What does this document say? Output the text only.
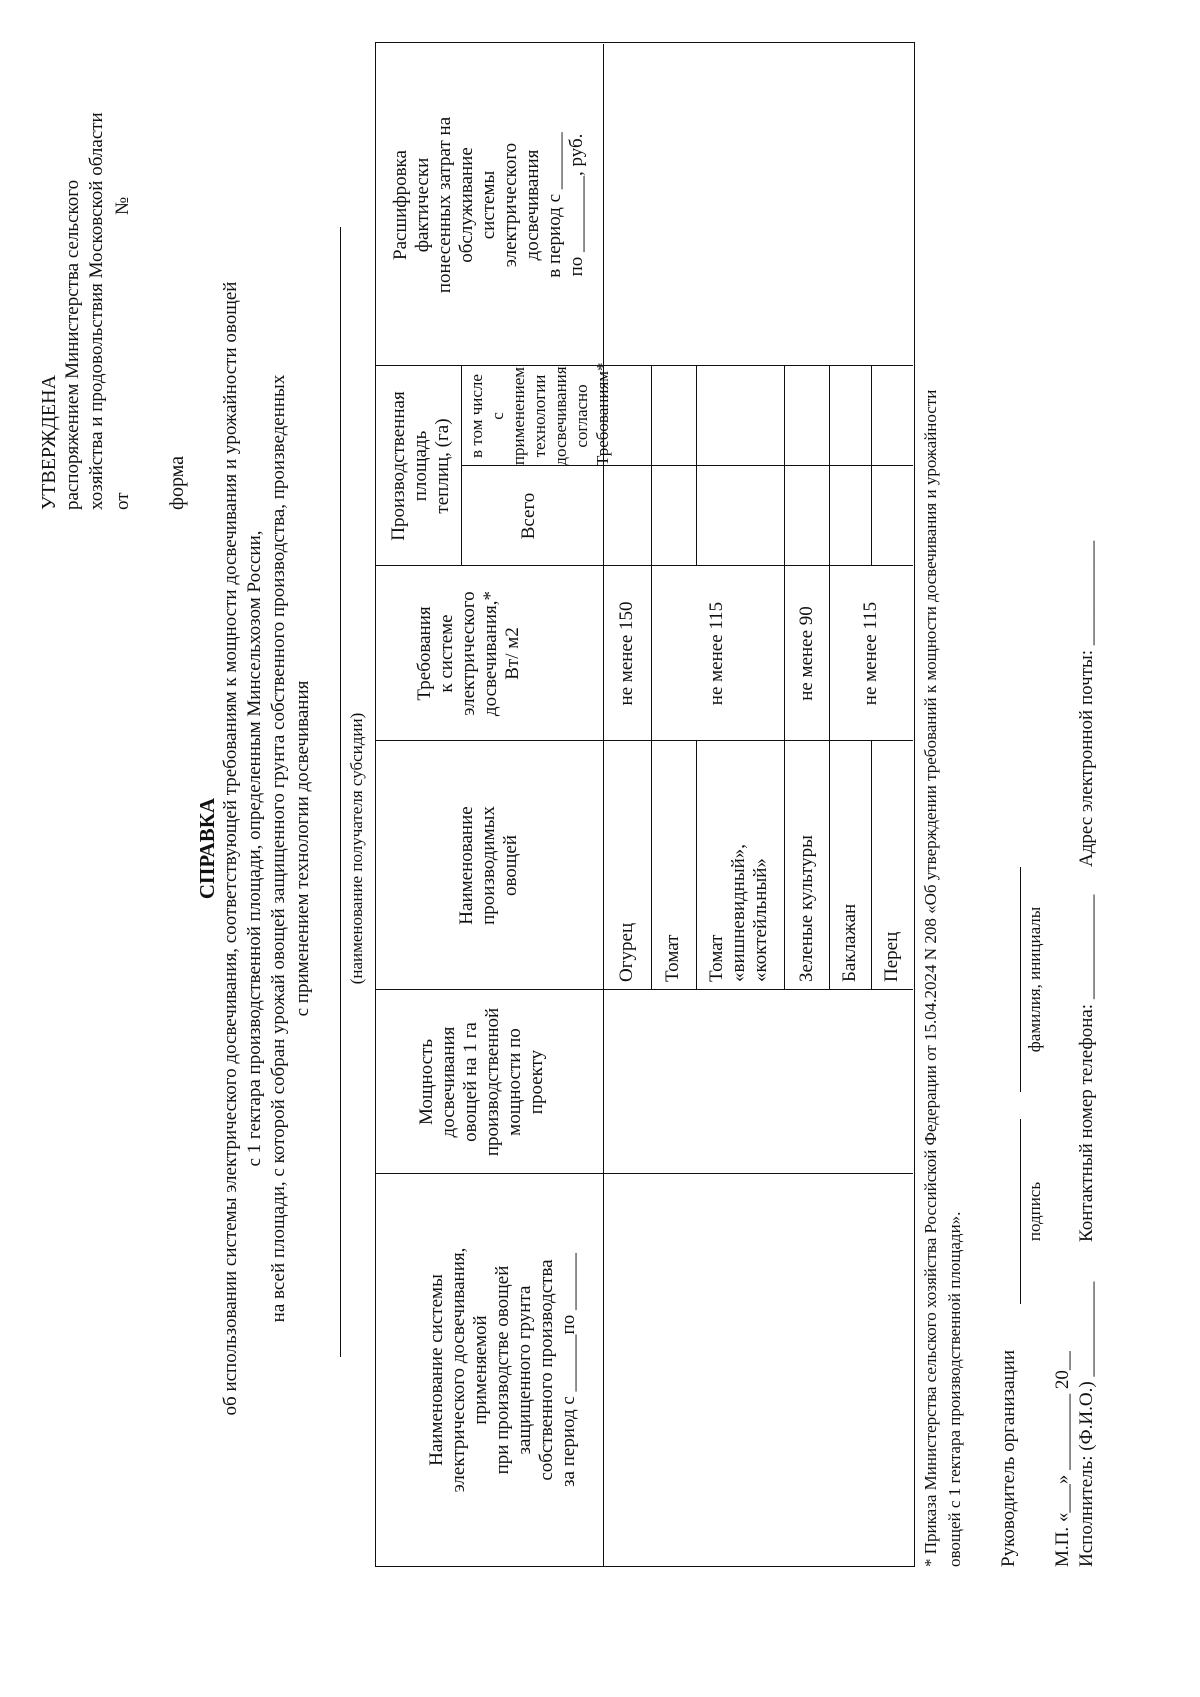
УТВЕРЖДЕНА распоряжением Министерства сельского хозяйства и продовольствия Московской области от
№
форма
СПРАВКА об использовании системы электрического досвечивания, соответствующей требованиям к мощности досвечивания и урожайности овощей с 1 гектара производственной площади, определенным Минсельхозом России, на всей площади, с которой собран урожай овощей защищенного грунта собственного производства, произведенных с применением технологии досвечивания (наименование получателя субсидии)
Наименование системы электрического досвечивания, применяемой при производстве овощей защищенного грунта собственного производства за период с ______по ______
Мощность досвечивания овощей на 1 га производственной мощности по проекту
Наименование производимых овощей
Требования к системе электрического досвечивания,* Вт/ м2
Производственная площадь теплиц, (га)
Всего
в том числе с применением технологии досвечивания согласно Требованиям*
Расшифровка фактически понесенных затрат на обслуживание системы электрического досвечивания в период с ______ по ________, руб.
Огурец Томат Томат «вишневидный», «коктейльный» Зеленые культуры Баклажан Перец
не менее 150	не менее 115	не менее 90 не менее 115 * Приказа Министерства сельского хозяйства Российской Федерации от 15.04.2024 N 208 «Об утверждении требований к мощности досвечивания и урожайности овощей с 1 гектара производственной площади». Руководитель организации
подпись
фамилия, инициалы
М.П. «___» ________ 20__ Исполнитель: (Ф.И.О.) __________
Контактный номер телефона: ___________
Адрес электронной почты: ___________
